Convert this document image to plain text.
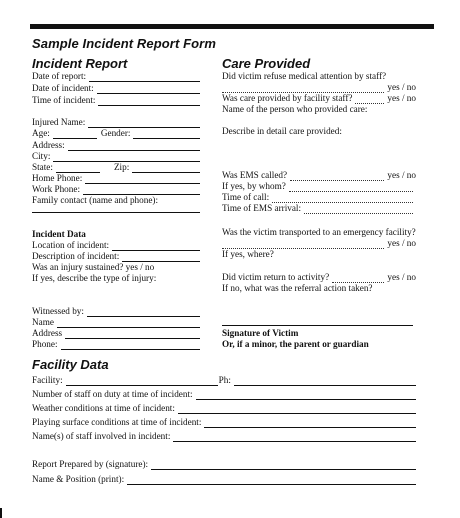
Sample Incident Report Form
Incident Report
Date of report:
Date of incident:
Time of incident:
Injured Name:
Age:	Gender:
Address:
City:
State:	Zip:
Home Phone:
Work Phone:
Family contact (name and phone):
Incident Data
Location of incident:
Description of incident:
Was an injury sustained? yes / no
If yes, describe the type of injury:
Witnessed by:
Name
Address
Phone:
Care Provided
Did victim refuse medical attention by staff?
yes / no
Was care provided by facility staff?	yes / no
Name of the person who provided care:
Describe in detail care provided:
Was EMS called?	yes / no
If yes, by whom?
Time of call:
Time of EMS arrival:
Was the victim transported to an emergency facility?
yes / no
If yes, where?
Did victim return to activity?	yes / no
If no, what was the referral action taken?
Signature of Victim
Or, if a minor, the parent or guardian
Facility Data
Facility:	Ph:
Number of staff on duty at time of incident:
Weather conditions at time of incident:
Playing surface conditions at time of incident:
Name(s) of staff involved in incident:
Report Prepared by (signature):
Name & Position (print):
